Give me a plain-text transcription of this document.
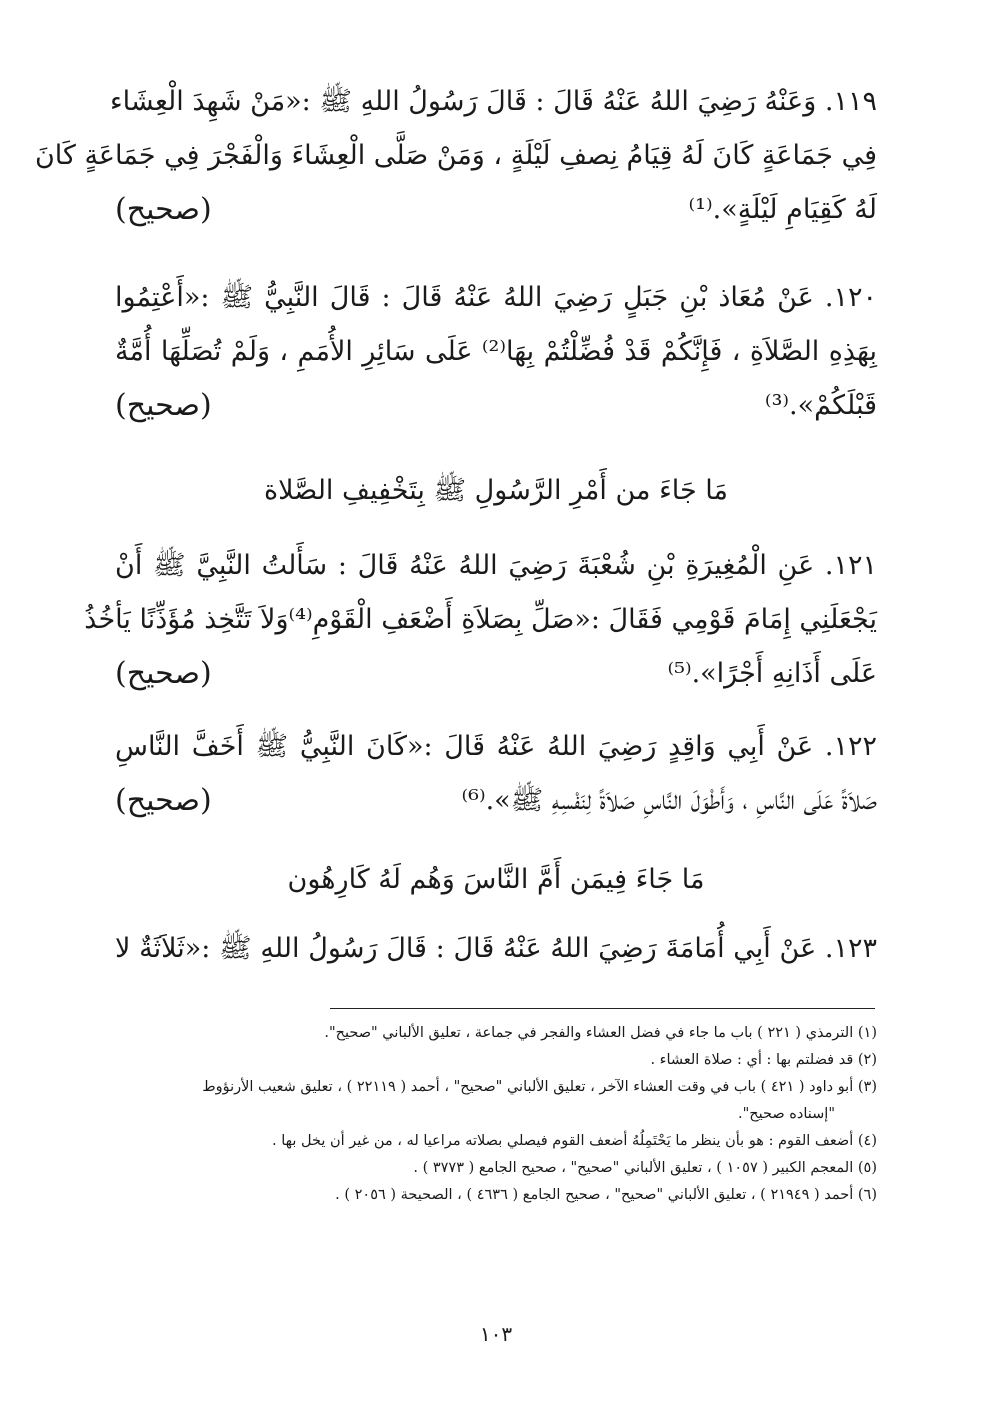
١١٩. وَعَنْهُ رَضِيَ اللهُ عَنْهُ قَالَ : قَالَ رَسُولُ اللهِ ﷺ :«مَنْ شَهِدَ الْعِشَاء
فِي جَمَاعَةٍ كَانَ لَهُ قِيَامُ نِصفِ لَيْلَةٍ ، وَمَنْ صَلَّى الْعِشَاءَ وَالْفَجْرَ فِي جَمَاعَةٍ كَانَ
لَهُ كَقِيَامِ لَيْلَةٍ».⁽¹⁾
(صحيح)
١٢٠. عَنْ مُعَاذ بْنِ جَبَلٍ رَضِيَ اللهُ عَنْهُ قَالَ : قَالَ النَّبِيُّ ﷺ :«أَعْتِمُوا
بِهَذِهِ الصَّلاَةِ ، فَإِنَّكُمْ قَدْ فُضِّلْتُمْ بِهَا⁽²⁾ عَلَى سَائِرِ الأُمَمِ ، وَلَمْ تُصَلِّهَا أُمَّةٌ
قَبْلَكُمْ».⁽³⁾
(صحيح)
مَا جَاءَ من أَمْرِ الرَّسُولِ ﷺ بِتَخْفِيفِ الصَّلاة
١٢١. عَنِ الْمُغِيرَةِ بْنِ شُعْبَةَ رَضِيَ اللهُ عَنْهُ قَالَ : سَأَلتُ النَّبِيَّ ﷺ أَنْ
يَجْعَلَنِي إِمَامَ قَوْمِي فَقَالَ :«صَلِّ بِصَلاَةِ أَضْعَفِ الْقَوْمِ⁽⁴⁾وَلاَ تَتَّخِذ مُؤَذِّنًا يَأخُذُ
عَلَى أَذَانِهِ أَجْرًا».⁽⁵⁾
(صحيح)
١٢٢. عَنْ أَبِي وَاقِدٍ رَضِيَ اللهُ عَنْهُ قَالَ :«كَانَ النَّبِيُّ ﷺ أَخَفَّ النَّاسِ
صَلاَةً عَلَى النَّاسِ ، وَأَطْوَلَ النَّاسِ صَلاَةً لِنَفْسِهِ ﷺ».⁽⁶⁾
(صحيح)
مَا جَاءَ فِيمَن أَمَّ النَّاسَ وَهُم لَهُ كَارِهُون
١٢٣. عَنْ أَبِي أُمَامَةَ رَضِيَ اللهُ عَنْهُ قَالَ : قَالَ رَسُولُ اللهِ ﷺ :«ثَلاَثَةٌ لا
(١) الترمذي ( ٢٢١ ) باب ما جاء في فضل العشاء والفجر في جماعة ، تعليق الألباني "صحيح".
(٢) قد فضلتم بها : أي : صلاة العشاء .
(٣) أبو داود ( ٤٢١ ) باب في وقت العشاء الآخر ، تعليق الألباني "صحيح" ، أحمد ( ٢٢١١٩ ) ، تعليق شعيب الأرنؤوط
"إسناده صحيح".
(٤) أضعف القوم : هو بأن ينظر ما يَحْتَمِلُهُ أضعف القوم فيصلي بصلاته مراعيا له ، من غير أن يخل بها .
(٥) المعجم الكبير ( ١٠٥٧ ) ، تعليق الألباني "صحيح" ، صحيح الجامع ( ٣٧٧٣ ) .
(٦) أحمد ( ٢١٩٤٩ ) ، تعليق الألباني "صحيح" ، صحيح الجامع ( ٤٦٣٦ ) ، الصحيحة ( ٢٠٥٦ ) .
١٠٣
